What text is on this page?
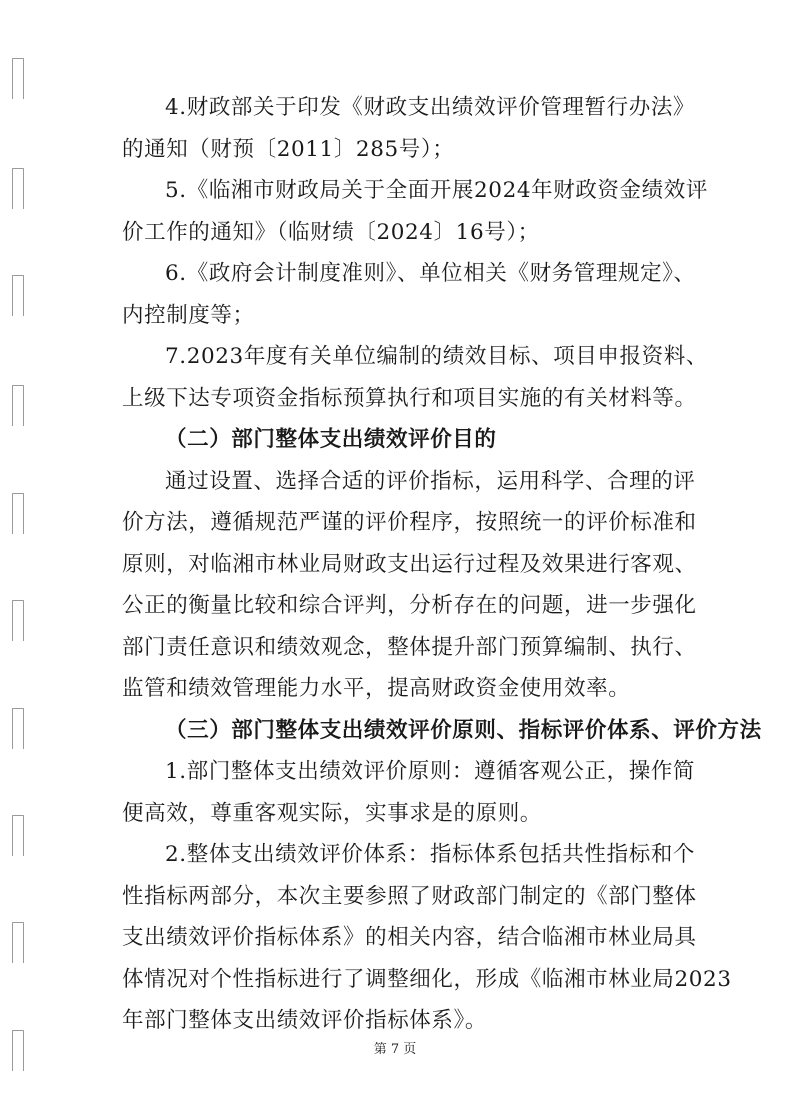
4.财政部关于印发《财政支出绩效评价管理暂行办法》
的通知（财预〔2011〕285号）；
5.《临湘市财政局关于全面开展2024年财政资金绩效评
价工作的通知》（临财绩〔2024〕16号）；
6.《政府会计制度准则》、单位相关《财务管理规定》、
内控制度等；
7.2023年度有关单位编制的绩效目标、项目申报资料、
上级下达专项资金指标预算执行和项目实施的有关材料等。
（二）部门整体支出绩效评价目的
通过设置、选择合适的评价指标，运用科学、合理的评
价方法，遵循规范严谨的评价程序，按照统一的评价标准和
原则，对临湘市林业局财政支出运行过程及效果进行客观、
公正的衡量比较和综合评判，分析存在的问题，进一步强化
部门责任意识和绩效观念，整体提升部门预算编制、执行、
监管和绩效管理能力水平，提高财政资金使用效率。
（三）部门整体支出绩效评价原则、指标评价体系、评价方法
1.部门整体支出绩效评价原则：遵循客观公正，操作简
便高效，尊重客观实际，实事求是的原则。
2.整体支出绩效评价体系：指标体系包括共性指标和个
性指标两部分，本次主要参照了财政部门制定的《部门整体
支出绩效评价指标体系》的相关内容，结合临湘市林业局具
体情况对个性指标进行了调整细化，形成《临湘市林业局2023
年部门整体支出绩效评价指标体系》。
第 7 页
